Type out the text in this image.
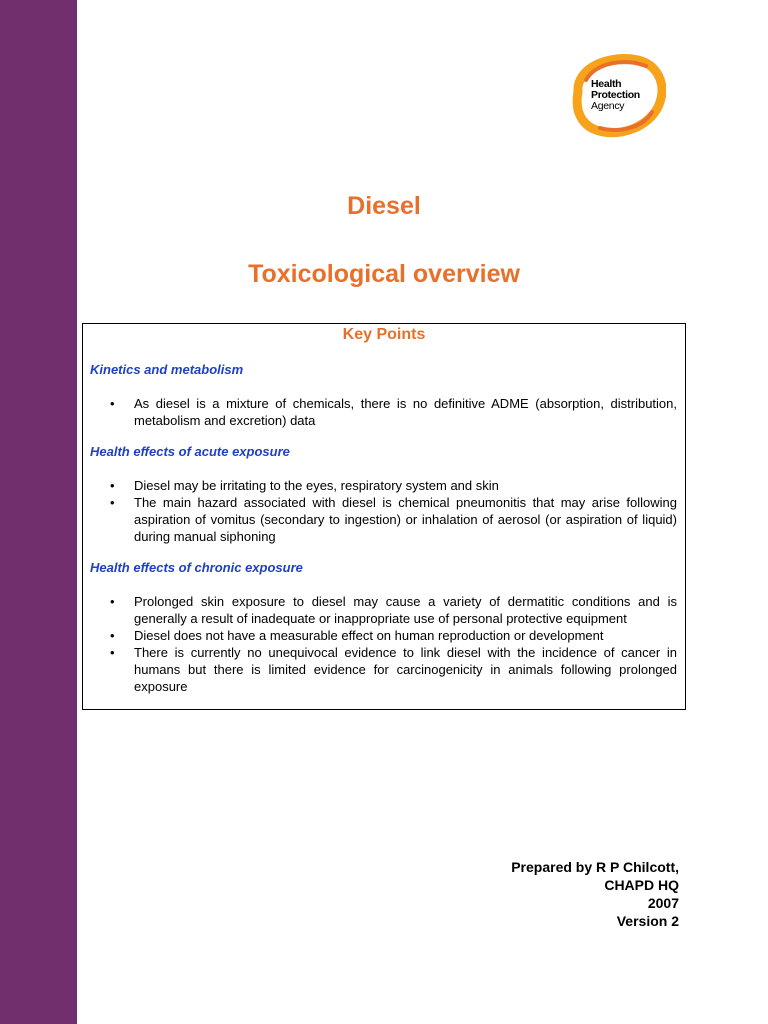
Health
Protection
Agency
Diesel
Toxicological overview
Key Points

Kinetics and metabolism

• As diesel is a mixture of chemicals, there is no definitive ADME (absorption, distribution, metabolism and excretion) data

Health effects of acute exposure

• Diesel may be irritating to the eyes, respiratory system and skin
• The main hazard associated with diesel is chemical pneumonitis that may arise following aspiration of vomitus (secondary to ingestion) or inhalation of aerosol (or aspiration of liquid) during manual siphoning

Health effects of chronic exposure

• Prolonged skin exposure to diesel may cause a variety of dermatitic conditions and is generally a result of inadequate or inappropriate use of personal protective equipment
• Diesel does not have a measurable effect on human reproduction or development
• There is currently no unequivocal evidence to link diesel with the incidence of cancer in humans but there is limited evidence for carcinogenicity in animals following prolonged exposure
Prepared by R P Chilcott,
CHAPD HQ
2007
Version 2
